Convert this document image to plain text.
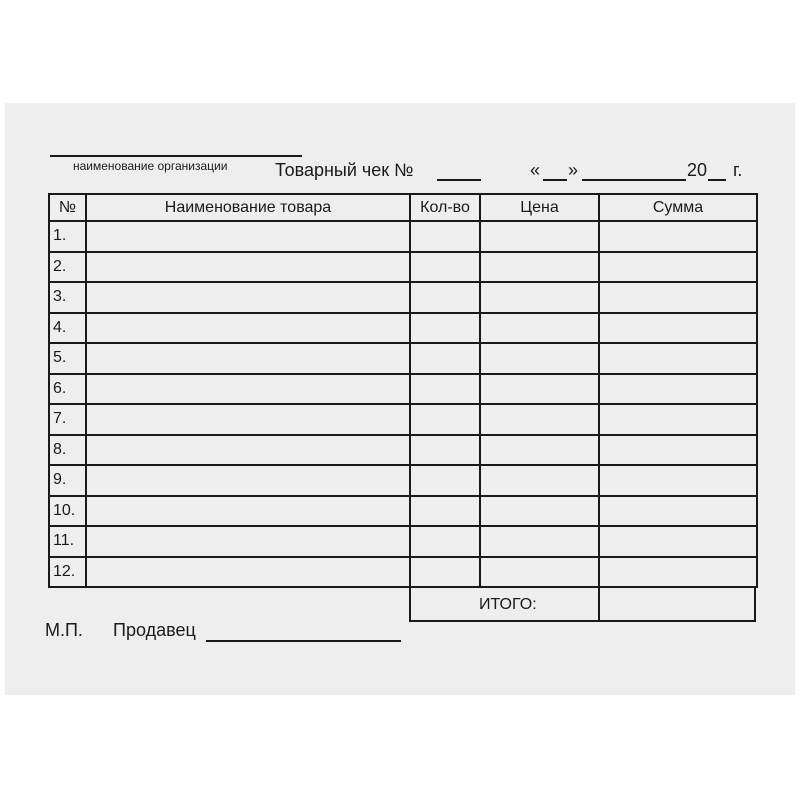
наименование организации	Товарный чек №	« »	20 г.
№	Наименование товара	Кол-во	Цена	Сумма
1.				
2.				
3.				
4.				
5.				
6.				
7.				
8.				
9.				
10.				
11.				
12.				
ИТОГО:
М.П. Продавец
